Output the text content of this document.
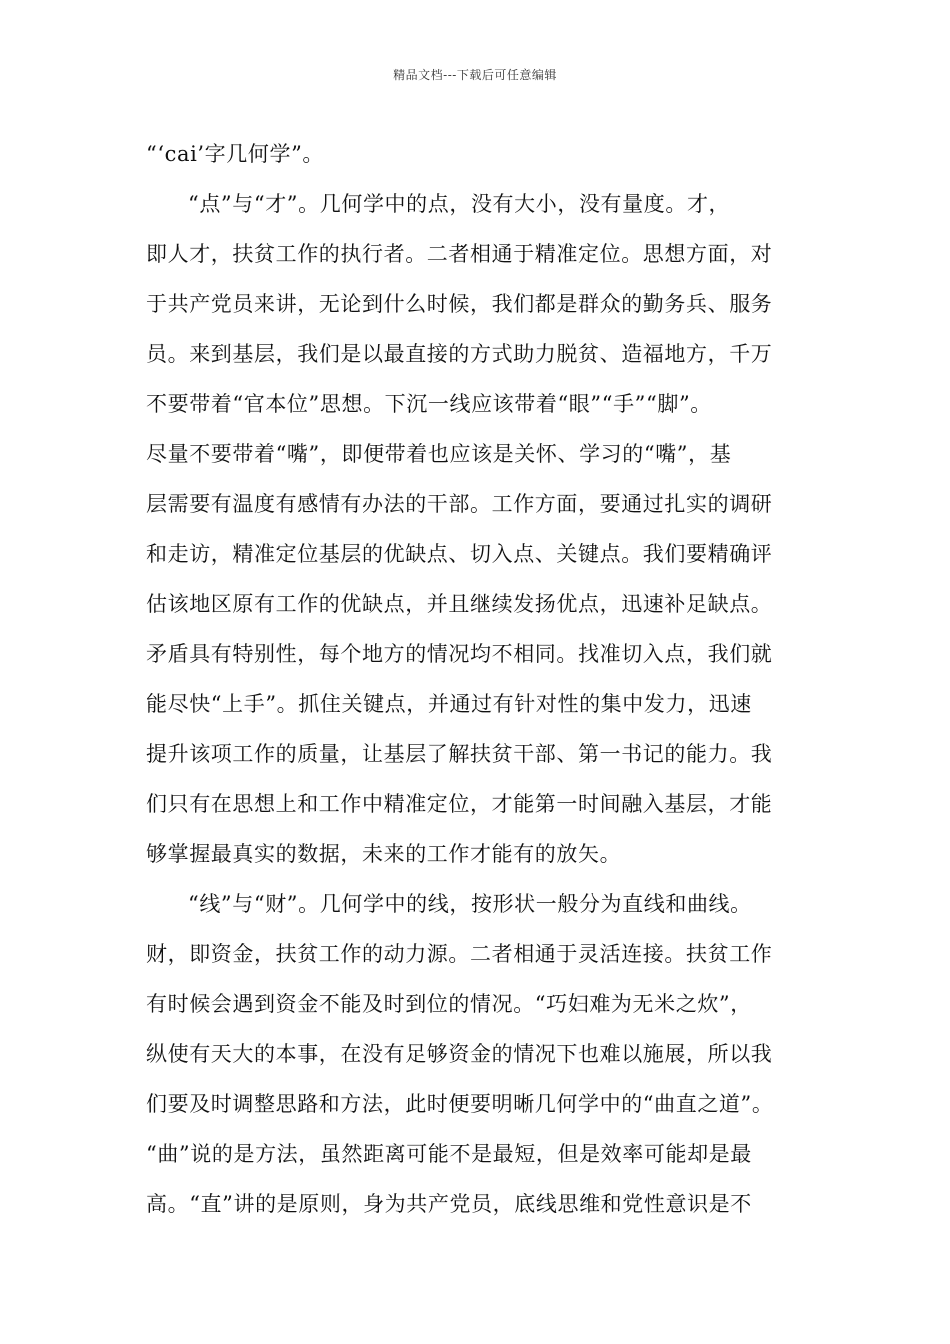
精品文档---下载后可任意编辑
“‘cai’字几何学”。
“点”与“才”。几何学中的点，没有大小，没有量度。才，
即人才，扶贫工作的执行者。二者相通于精准定位。思想方面，对
于共产党员来讲，无论到什么时候，我们都是群众的勤务兵、服务
员。来到基层，我们是以最直接的方式助力脱贫、造福地方，千万
不要带着“官本位”思想。下沉一线应该带着“眼”“手”“脚”。
尽量不要带着“嘴”，即便带着也应该是关怀、学习的“嘴”，基
层需要有温度有感情有办法的干部。工作方面，要通过扎实的调研
和走访，精准定位基层的优缺点、切入点、关键点。我们要精确评
估该地区原有工作的优缺点，并且继续发扬优点，迅速补足缺点。
矛盾具有特别性，每个地方的情况均不相同。找准切入点，我们就
能尽快“上手”。抓住关键点，并通过有针对性的集中发力，迅速
提升该项工作的质量，让基层了解扶贫干部、第一书记的能力。我
们只有在思想上和工作中精准定位，才能第一时间融入基层，才能
够掌握最真实的数据，未来的工作才能有的放矢。
“线”与“财”。几何学中的线，按形状一般分为直线和曲线。
财，即资金，扶贫工作的动力源。二者相通于灵活连接。扶贫工作
有时候会遇到资金不能及时到位的情况。“巧妇难为无米之炊”，
纵使有天大的本事，在没有足够资金的情况下也难以施展，所以我
们要及时调整思路和方法，此时便要明晰几何学中的“曲直之道”。
“曲”说的是方法，虽然距离可能不是最短，但是效率可能却是最
高。“直”讲的是原则，身为共产党员，底线思维和党性意识是不
